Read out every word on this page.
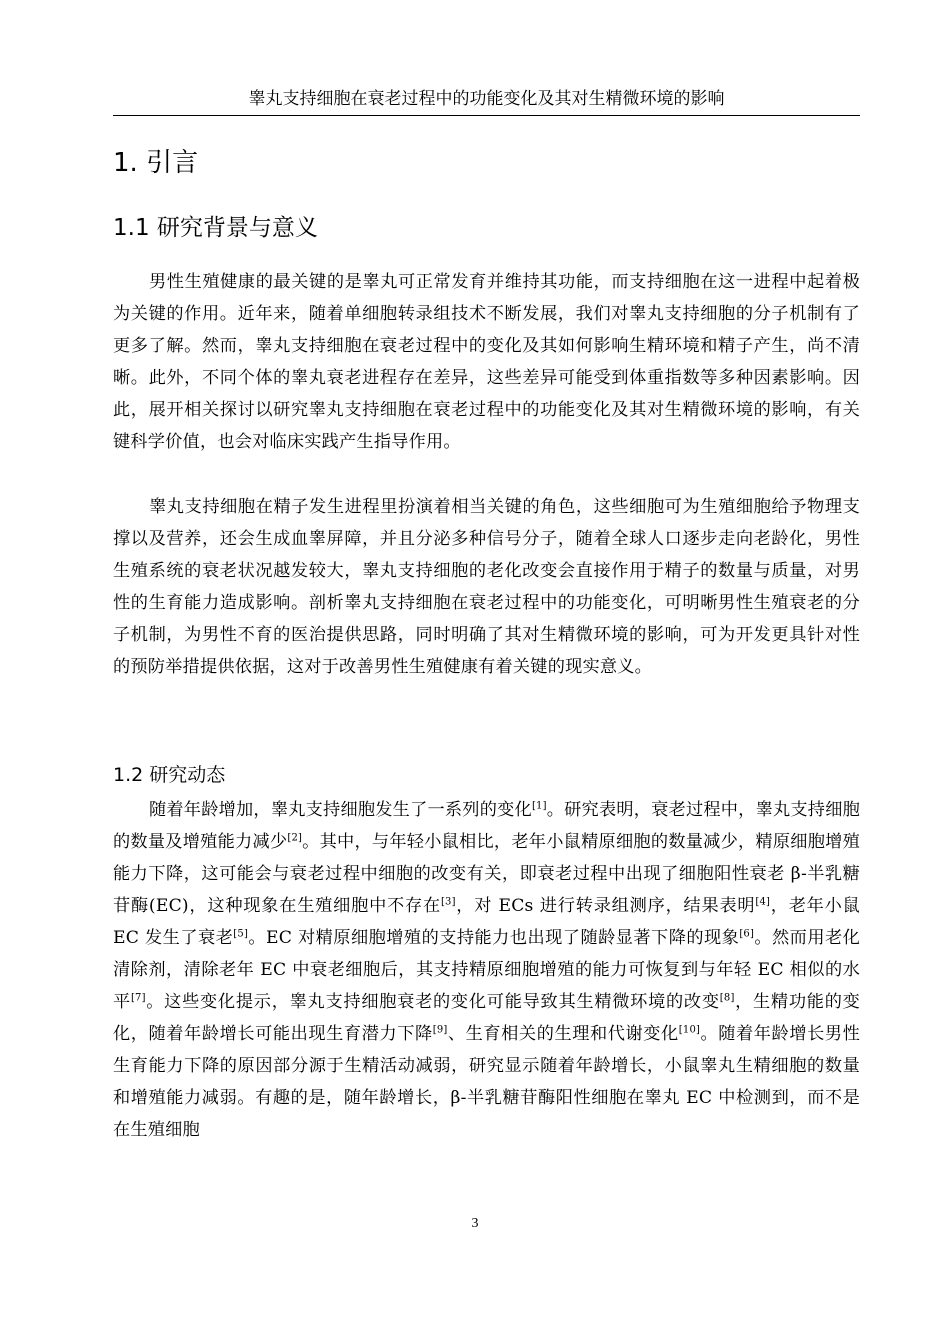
睾丸支持细胞在衰老过程中的功能变化及其对生精微环境的影响
1. 引言
1.1 研究背景与意义

男性生殖健康的最关键的是睾丸可正常发育并维持其功能，而支持细胞在这一进程中起着极为关键的作用。近年来，随着单细胞转录组技术不断发展，我们对睾丸支持细胞的分子机制有了更多了解。然而，睾丸支持细胞在衰老过程中的变化及其如何影响生精环境和精子产生，尚不清晰。此外，不同个体的睾丸衰老进程存在差异，这些差异可能受到体重指数等多种因素影响。因此，展开相关探讨以研究睾丸支持细胞在衰老过程中的功能变化及其对生精微环境的影响，有关键科学价值，也会对临床实践产生指导作用。

睾丸支持细胞在精子发生进程里扮演着相当关键的角色，这些细胞可为生殖细胞给予物理支撑以及营养，还会生成血睾屏障，并且分泌多种信号分子，随着全球人口逐步走向老龄化，男性生殖系统的衰老状况越发较大，睾丸支持细胞的老化改变会直接作用于精子的数量与质量，对男性的生育能力造成影响。剖析睾丸支持细胞在衰老过程中的功能变化，可明晰男性生殖衰老的分子机制，为男性不育的医治提供思路，同时明确了其对生精微环境的影响，可为开发更具针对性的预防举措提供依据，这对于改善男性生殖健康有着关键的现实意义。

1.2 研究动态

随着年龄增加，睾丸支持细胞发生了一系列的变化[1]。研究表明，衰老过程中，睾丸支持细胞的数量及增殖能力减少[2]。其中，与年轻小鼠相比，老年小鼠精原细胞的数量减少，精原细胞增殖能力下降，这可能会与衰老过程中细胞的改变有关，即衰老过程中出现了细胞阳性衰老 β-半乳糖苷酶(EC)，这种现象在生殖细胞中不存在[3]，对 ECs 进行转录组测序，结果表明[4]，老年小鼠 EC 发生了衰老[5]。EC 对精原细胞增殖的支持能力也出现了随龄显著下降的现象[6]。然而用老化清除剂，清除老年 EC 中衰老细胞后，其支持精原细胞增殖的能力可恢复到与年轻 EC 相似的水平[7]。这些变化提示，睾丸支持细胞衰老的变化可能导致其生精微环境的改变[8]，生精功能的变化，随着年龄增长可能出现生育潜力下降[9]、生育相关的生理和代谢变化[10]。随着年龄增长男性生育能力下降的原因部分源于生精活动减弱，研究显示随着年龄增长，小鼠睾丸生精细胞的数量和增殖能力减弱。有趣的是，随年龄增长，β-半乳糖苷酶阳性细胞在睾丸 EC 中检测到，而不是在生殖细胞

3
